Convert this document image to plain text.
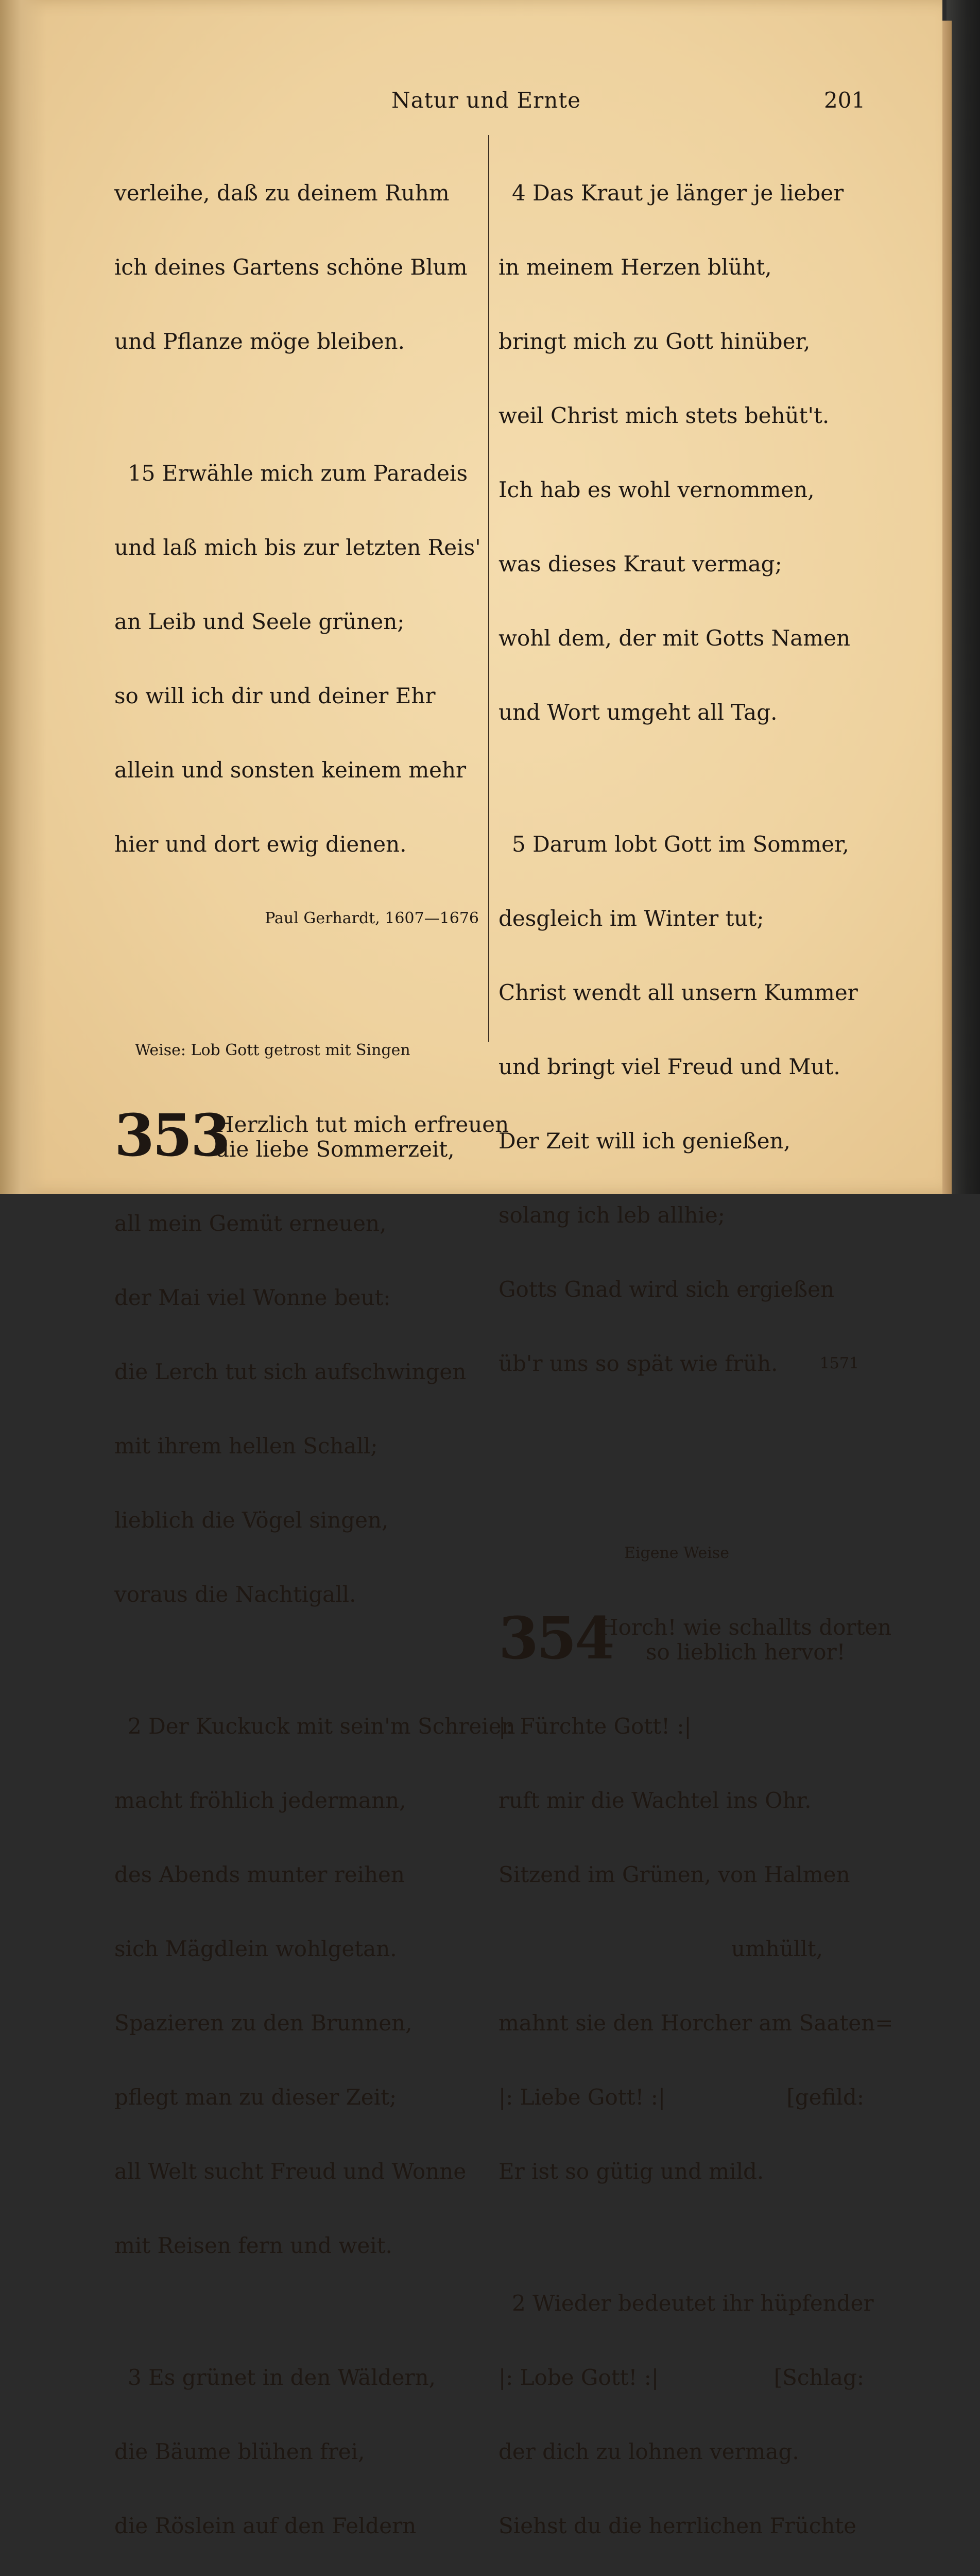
Natur und Ernte	201

verleihe, daß zu deinem Ruhm

ich deines Gartens schöne Blum

und Pflanze möge bleiben.

15 Erwähle mich zum Paradeis

und laß mich bis zur letzten Reis'

an Leib und Seele grünen;

so will ich dir und deiner Ehr

allein und sonsten keinem mehr

hier und dort ewig dienen.

Paul Gerhardt, 1607—1676

Weise: Lob Gott getrost mit Singen

353

Herzlich tut mich erfreuen
die liebe Sommerzeit,

all mein Gemüt erneuen,

der Mai viel Wonne beut:

die Lerch tut sich aufschwingen

mit ihrem hellen Schall;

lieblich die Vögel singen,

voraus die Nachtigall.

2 Der Kuckuck mit sein'm Schreien

macht fröhlich jedermann,

des Abends munter reihen

sich Mägdlein wohlgetan.

Spazieren zu den Brunnen,

pflegt man zu dieser Zeit;

all Welt sucht Freud und Wonne

mit Reisen fern und weit.

3 Es grünet in den Wäldern,

die Bäume blühen frei,

die Röslein auf den Feldern

4 Das Kraut je länger je lieber

in meinem Herzen blüht,

bringt mich zu Gott hinüber,

weil Christ mich stets behüt't.

Ich hab es wohl vernommen,

was dieses Kraut vermag;

wohl dem, der mit Gotts Namen

und Wort umgeht all Tag.

5 Darum lobt Gott im Sommer,

desgleich im Winter tut;

Christ wendt all unsern Kummer

und bringt viel Freud und Mut.

Der Zeit will ich genießen,

solang ich leb allhie;

Gotts Gnad wird sich ergießen

üb'r uns so spät wie früh.	1571

Eigene Weise

354

Horch! wie schallts dorten
so lieblich hervor!

|: Fürchte Gott! :|

ruft mir die Wachtel ins Ohr.

Sitzend im Grünen, von Halmen

umhüllt,

mahnt sie den Horcher am Saaten=

|: Liebe Gott! :|	[gefild:

Er ist so gütig und mild.

2 Wieder bedeutet ihr hüpfender

|: Lobe Gott! :|	[Schlag:

der dich zu lohnen vermag.

Siehst du die herrlichen Früchte
